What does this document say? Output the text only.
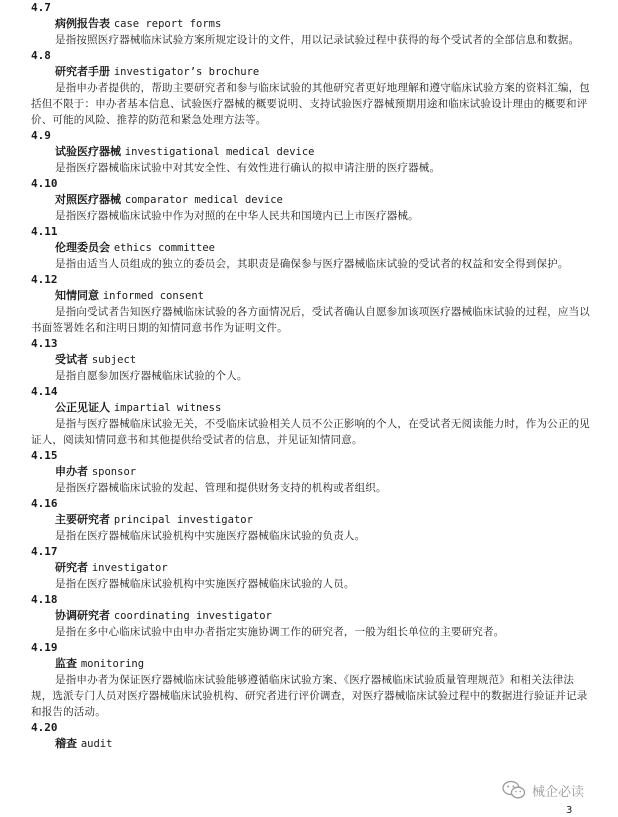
4.7
病例报告表 case report forms

是指按照医疗器械临床试验方案所规定设计的文件，用以记录试验过程中获得的每个受试者的全部信息和数据。

4.8
研究者手册 investigator’s brochure

是指申办者提供的，帮助主要研究者和参与临床试验的其他研究者更好地理解和遵守临床试验方案的资料汇编，包括但不限于：申办者基本信息、试验医疗器械的概要说明、支持试验医疗器械预期用途和临床试验设计理由的概要和评价、可能的风险、推荐的防范和紧急处理方法等。

4.9
试验医疗器械 investigational medical device

是指医疗器械临床试验中对其安全性、有效性进行确认的拟申请注册的医疗器械。

4.10
对照医疗器械 comparator medical device

是指医疗器械临床试验中作为对照的在中华人民共和国境内已上市医疗器械。

4.11
伦理委员会 ethics committee

是指由适当人员组成的独立的委员会，其职责是确保参与医疗器械临床试验的受试者的权益和安全得到保护。

4.12
知情同意 informed consent

是指向受试者告知医疗器械临床试验的各方面情况后，受试者确认自愿参加该项医疗器械临床试验的过程，应当以书面签署姓名和注明日期的知情同意书作为证明文件。

4.13
受试者 subject

是指自愿参加医疗器械临床试验的个人。

4.14
公正见证人 impartial witness

是指与医疗器械临床试验无关，不受临床试验相关人员不公正影响的个人，在受试者无阅读能力时，作为公正的见证人，阅读知情同意书和其他提供给受试者的信息，并见证知情同意。

4.15
申办者 sponsor

是指医疗器械临床试验的发起、管理和提供财务支持的机构或者组织。

4.16
主要研究者 principal investigator

是指在医疗器械临床试验机构中实施医疗器械临床试验的负责人。

4.17
研究者 investigator

是指在医疗器械临床试验机构中实施医疗器械临床试验的人员。

4.18
协调研究者 coordinating investigator

是指在多中心临床试验中由申办者指定实施协调工作的研究者，一般为组长单位的主要研究者。

4.19
监查 monitoring

是指申办者为保证医疗器械临床试验能够遵循临床试验方案、《医疗器械临床试验质量管理规范》和相关法律法规，选派专门人员对医疗器械临床试验机构、研究者进行评价调查，对医疗器械临床试验过程中的数据进行验证并记录和报告的活动。

4.20
稽查 audit
械企必读
3
